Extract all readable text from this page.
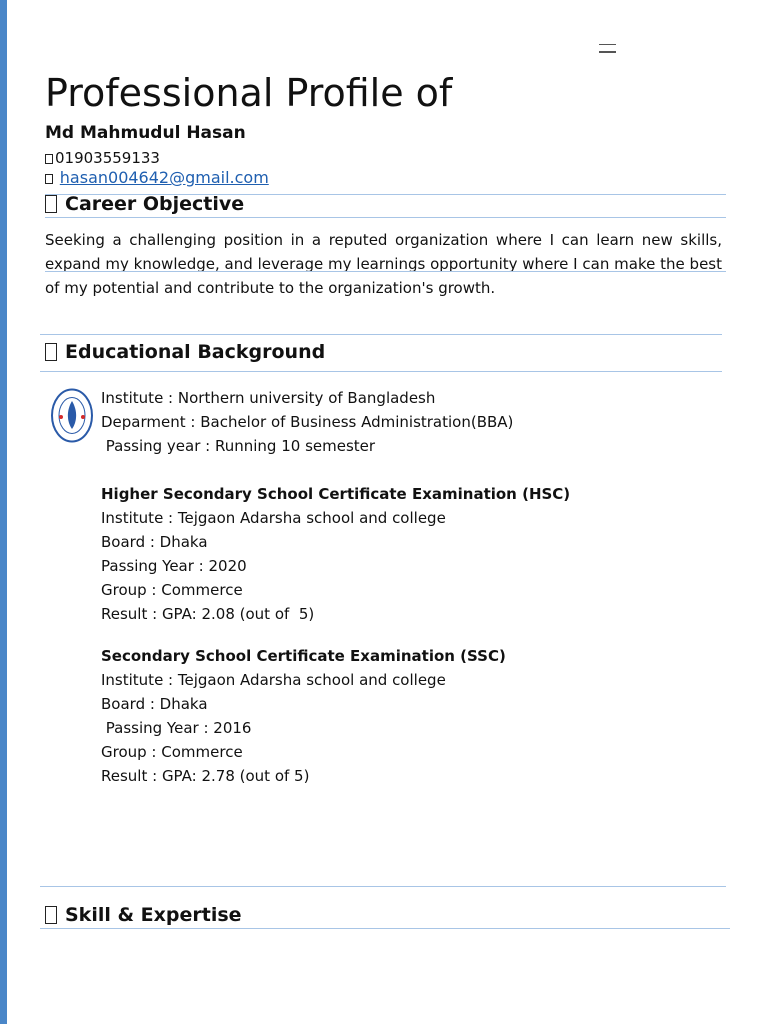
Professional Profile of
Md Mahmudul Hasan
01903559133
hasan004642@gmail.com
Career Objective

Seeking a challenging position in a reputed organization where I can learn new skills, expand my knowledge, and leverage my learnings opportunity where I can make the best of my potential and contribute to the organization's growth.

Educational Background
Institute : Northern university of Bangladesh
Deparment : Bachelor of Business Administration(BBA)
Passing year : Running 10 semester
Higher Secondary School Certificate Examination (HSC)
Institute : Tejgaon Adarsha school and college
Board : Dhaka
Passing Year : 2020
Group : Commerce
Result : GPA: 2.08 (out of  5)
Secondary School Certificate Examination (SSC)
Institute : Tejgaon Adarsha school and college
Board : Dhaka
Passing Year : 2016
Group : Commerce
Result : GPA: 2.78 (out of 5)
Skill & Expertise
